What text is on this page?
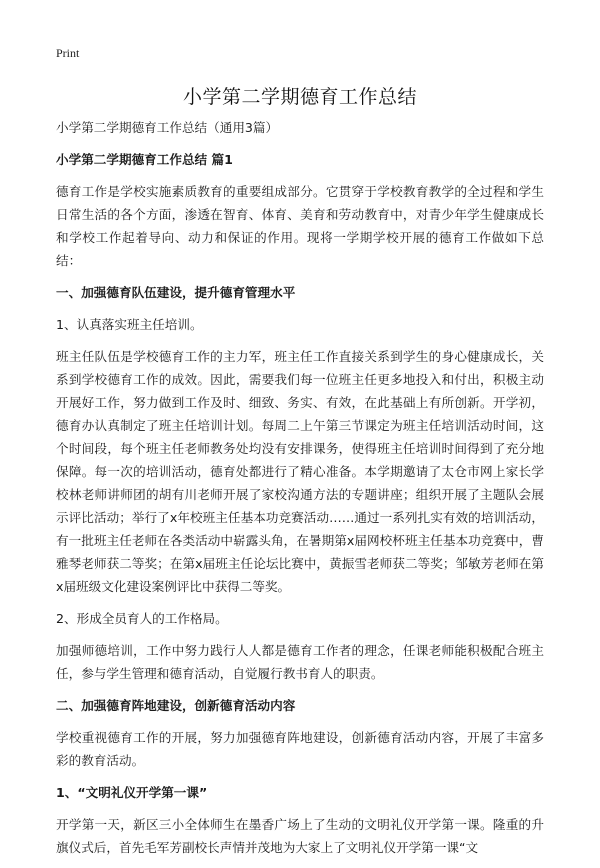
Print
小学第二学期德育工作总结

小学第二学期德育工作总结（通用3篇）

小学第二学期德育工作总结 篇1

德育工作是学校实施素质教育的重要组成部分。它贯穿于学校教育教学的全过程和学生日常生活的各个方面，渗透在智育、体育、美育和劳动教育中，对青少年学生健康成长和学校工作起着导向、动力和保证的作用。现将一学期学校开展的德育工作做如下总结：

一、加强德育队伍建设，提升德育管理水平

1、认真落实班主任培训。

班主任队伍是学校德育工作的主力军，班主任工作直接关系到学生的身心健康成长，关系到学校德育工作的成效。因此，需要我们每一位班主任更多地投入和付出，积极主动开展好工作，努力做到工作及时、细致、务实、有效，在此基础上有所创新。开学初，德育办认真制定了班主任培训计划。每周二上午第三节课定为班主任培训活动时间，这个时间段，每个班主任老师教务处均没有安排课务，使得班主任培训时间得到了充分地保障。每一次的培训活动，德育处都进行了精心准备。本学期邀请了太仓市网上家长学校林老师讲师团的胡有川老师开展了家校沟通方法的专题讲座；组织开展了主题队会展示评比活动；举行了x年校班主任基本功竞赛活动……通过一系列扎实有效的培训活动，有一批班主任老师在各类活动中崭露头角，在暑期第x届网校杯班主任基本功竞赛中，曹雅琴老师获二等奖；在第x届班主任论坛比赛中，黄振雪老师获二等奖；邹敏芳老师在第x届班级文化建设案例评比中获得二等奖。

2、形成全员育人的工作格局。

加强师德培训，工作中努力践行人人都是德育工作者的理念，任课老师能积极配合班主任，参与学生管理和德育活动，自觉履行教书育人的职责。

二、加强德育阵地建设，创新德育活动内容

学校重视德育工作的开展，努力加强德育阵地建设，创新德育活动内容，开展了丰富多彩的教育活动。

1、“文明礼仪开学第一课”

开学第一天，新区三小全体师生在墨香广场上了生动的文明礼仪开学第一课。隆重的升旗仪式后，首先毛军芳副校长声情并茂地为大家上了文明礼仪开学第一课“文
